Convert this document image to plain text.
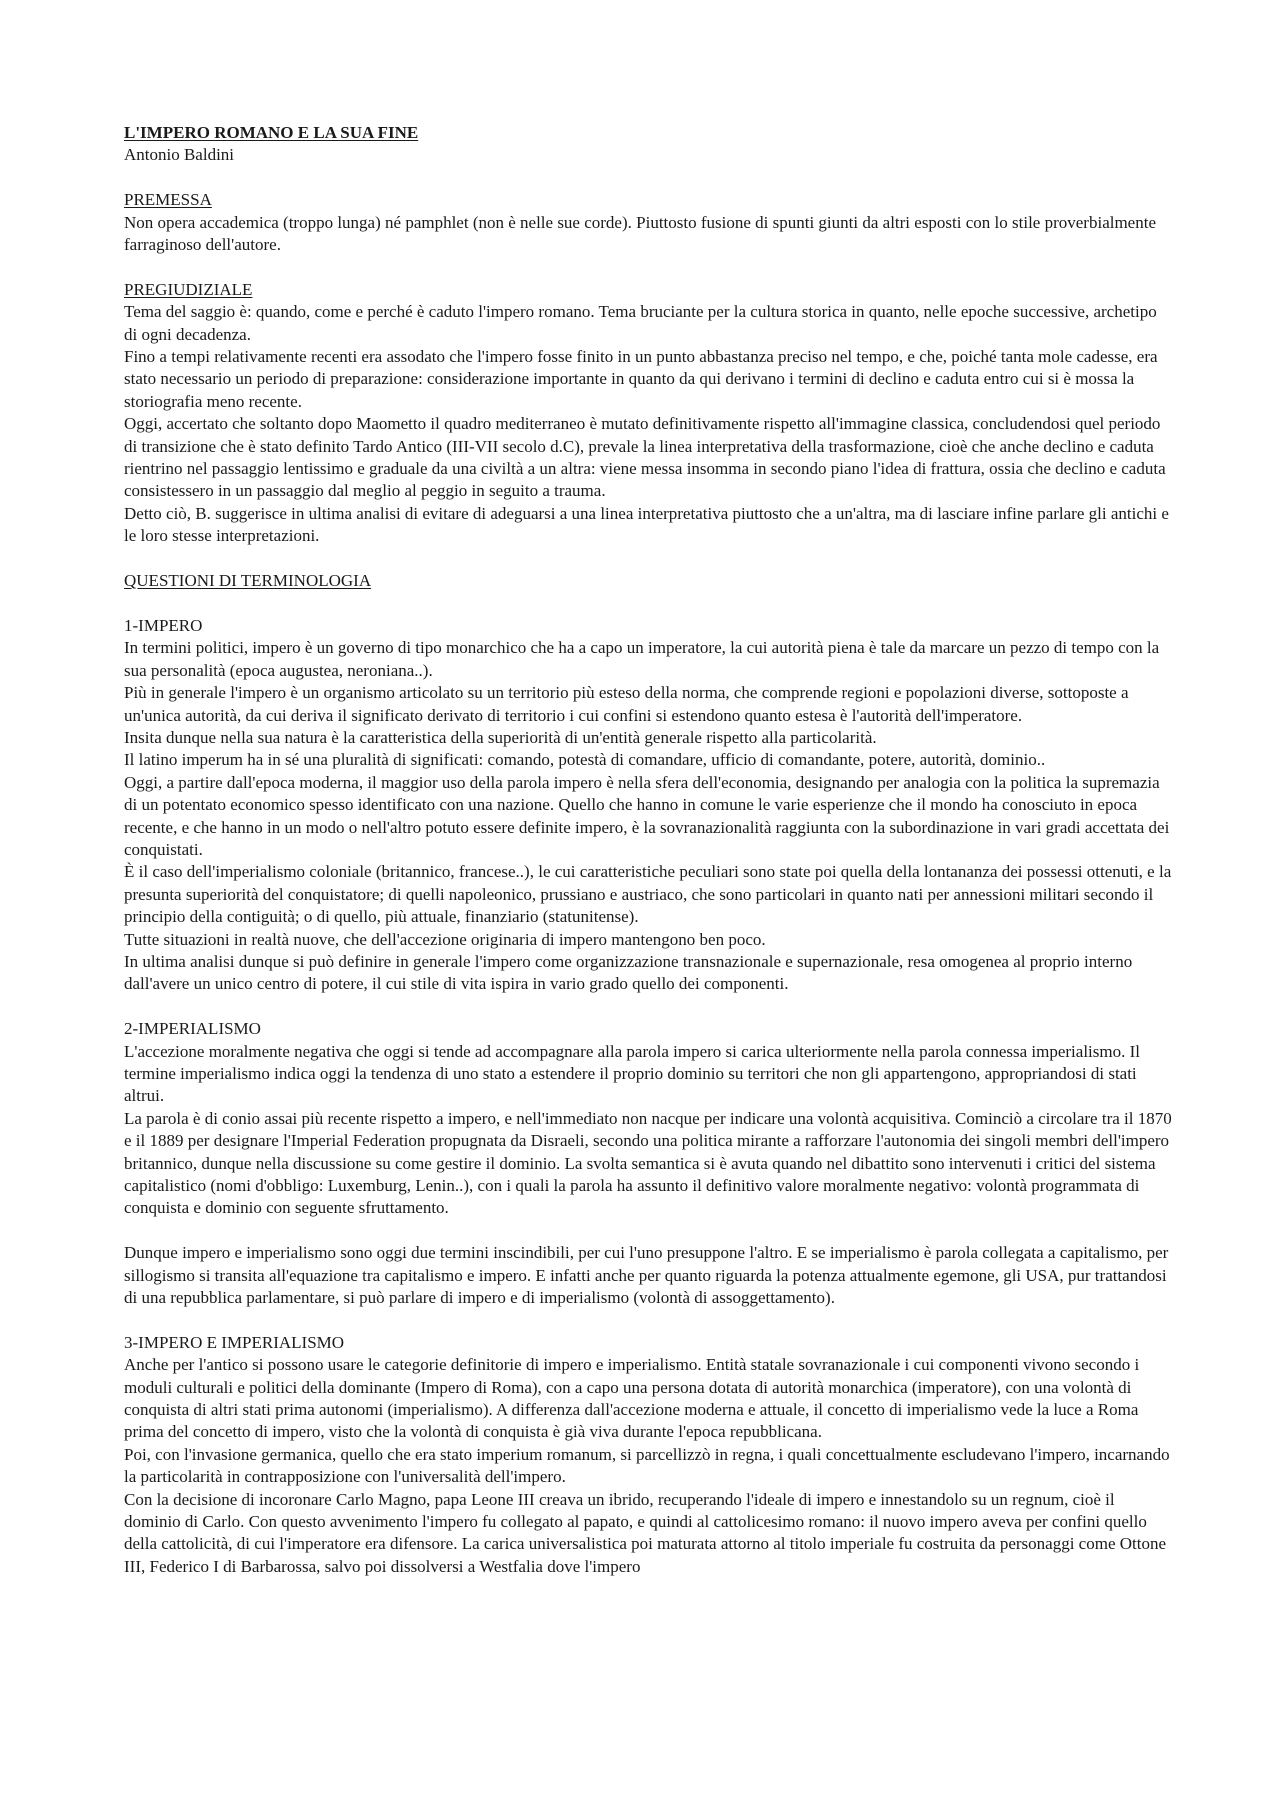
L'IMPERO ROMANO E LA SUA FINE

Antonio Baldini

PREMESSA

Non opera accademica (troppo lunga) né pamphlet (non è nelle sue corde). Piuttosto fusione di spunti giunti da altri esposti con lo stile proverbialmente farraginoso dell'autore.

PREGIUDIZIALE

Tema del saggio è: quando, come e perché è caduto l'impero romano. Tema bruciante per la cultura storica in quanto, nelle epoche successive, archetipo di ogni decadenza.

Fino a tempi relativamente recenti era assodato che l'impero fosse finito in un punto abbastanza preciso nel tempo, e che, poiché tanta mole cadesse, era stato necessario un periodo di preparazione: considerazione importante in quanto da qui derivano i termini di declino e caduta entro cui si è mossa la storiografia meno recente.

Oggi, accertato che soltanto dopo Maometto il quadro mediterraneo è mutato definitivamente rispetto all'immagine classica, concludendosi quel periodo di transizione che è stato definito Tardo Antico (III-VII secolo d.C), prevale la linea interpretativa della trasformazione, cioè che anche declino e caduta rientrino nel passaggio lentissimo e graduale da una civiltà a un altra: viene messa insomma in secondo piano l'idea di frattura, ossia che declino e caduta consistessero in un passaggio dal meglio al peggio in seguito a trauma.

Detto ciò, B. suggerisce in ultima analisi di evitare di adeguarsi a una linea interpretativa piuttosto che a un'altra, ma di lasciare infine parlare gli antichi e le loro stesse interpretazioni.

QUESTIONI DI TERMINOLOGIA

1-IMPERO

In termini politici, impero è un governo di tipo monarchico che ha a capo un imperatore, la cui autorità piena è tale da marcare un pezzo di tempo con la sua personalità (epoca augustea, neroniana..).

Più in generale l'impero è un organismo articolato su un territorio più esteso della norma, che comprende regioni e popolazioni diverse, sottoposte a un'unica autorità, da cui deriva il significato derivato di territorio i cui confini si estendono quanto estesa è l'autorità dell'imperatore.

Insita dunque nella sua natura è la caratteristica della superiorità di un'entità generale rispetto alla particolarità.

Il latino imperum ha in sé una pluralità di significati: comando, potestà di comandare, ufficio di comandante, potere, autorità, dominio..

Oggi, a partire dall'epoca moderna, il maggior uso della parola impero è nella sfera dell'economia, designando per analogia con la politica la supremazia di un potentato economico spesso identificato con una nazione. Quello che hanno in comune le varie esperienze che il mondo ha conosciuto in epoca recente, e che hanno in un modo o nell'altro potuto essere definite impero, è la sovranazionalità raggiunta con la subordinazione in vari gradi accettata dei conquistati.

È il caso dell'imperialismo coloniale (britannico, francese..), le cui caratteristiche peculiari sono state poi quella della lontananza dei possessi ottenuti, e la presunta superiorità del conquistatore; di quelli napoleonico, prussiano e austriaco, che sono particolari in quanto nati per annessioni militari secondo il principio della contiguità; o di quello, più attuale, finanziario (statunitense).

Tutte situazioni in realtà nuove, che dell'accezione originaria di impero mantengono ben poco.

In ultima analisi dunque si può definire in generale l'impero come organizzazione transnazionale e supernazionale, resa omogenea al proprio interno dall'avere un unico centro di potere, il cui stile di vita ispira in vario grado quello dei componenti.

2-IMPERIALISMO

L'accezione moralmente negativa che oggi si tende ad accompagnare alla parola impero si carica ulteriormente nella parola connessa imperialismo. Il termine imperialismo indica oggi la tendenza di uno stato a estendere il proprio dominio su territori che non gli appartengono, appropriandosi di stati altrui.

La parola è di conio assai più recente rispetto a impero, e nell'immediato non nacque per indicare una volontà acquisitiva. Cominciò a circolare tra il 1870 e il 1889 per designare l'Imperial Federation propugnata da Disraeli, secondo una politica mirante a rafforzare l'autonomia dei singoli membri dell'impero britannico, dunque nella discussione su come gestire il dominio. La svolta semantica si è avuta quando nel dibattito sono intervenuti i critici del sistema capitalistico (nomi d'obbligo: Luxemburg, Lenin..), con i quali la parola ha assunto il definitivo valore moralmente negativo: volontà programmata di conquista e dominio con seguente sfruttamento.

Dunque impero e imperialismo sono oggi due termini inscindibili, per cui l'uno presuppone l'altro. E se imperialismo è parola collegata a capitalismo, per sillogismo si transita all'equazione tra capitalismo e impero. E infatti anche per quanto riguarda la potenza attualmente egemone, gli USA, pur trattandosi di una repubblica parlamentare, si può parlare di impero e di imperialismo (volontà di assoggettamento).

3-IMPERO E IMPERIALISMO

Anche per l'antico si possono usare le categorie definitorie di impero e imperialismo. Entità statale sovranazionale i cui componenti vivono secondo i moduli culturali e politici della dominante (Impero di Roma), con a capo una persona dotata di autorità monarchica (imperatore), con una volontà di conquista di altri stati prima autonomi (imperialismo). A differenza dall'accezione moderna e attuale, il concetto di imperialismo vede la luce a Roma prima del concetto di impero, visto che la volontà di conquista è già viva durante l'epoca repubblicana.

Poi, con l'invasione germanica, quello che era stato imperium romanum, si parcellizzò in regna, i quali concettualmente escludevano l'impero, incarnando la particolarità in contrapposizione con l'universalità dell'impero.

Con la decisione di incoronare Carlo Magno, papa Leone III creava un ibrido, recuperando l'ideale di impero e innestandolo su un regnum, cioè il dominio di Carlo. Con questo avvenimento l'impero fu collegato al papato, e quindi al cattolicesimo romano: il nuovo impero aveva per confini quello della cattolicità, di cui l'imperatore era difensore. La carica universalistica poi maturata attorno al titolo imperiale fu costruita da personaggi come Ottone III, Federico I di Barbarossa, salvo poi dissolversi a Westfalia dove l'impero
